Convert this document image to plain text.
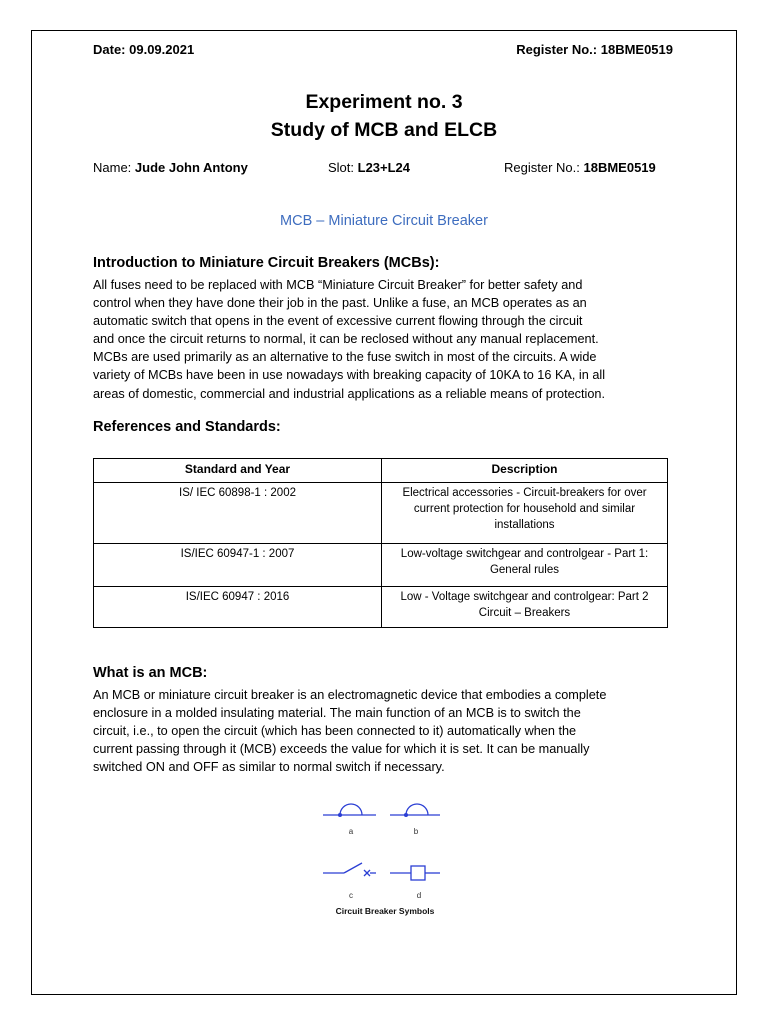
Date: 09.09.2021	Register No.: 18BME0519
Experiment no. 3
Study of MCB and ELCB
Name: Jude John Antony	Slot: L23+L24	Register No.: 18BME0519
MCB – Miniature Circuit Breaker
Introduction to Miniature Circuit Breakers (MCBs):
All fuses need to be replaced with MCB “Miniature Circuit Breaker” for better safety and
control when they have done their job in the past. Unlike a fuse, an MCB operates as an
automatic switch that opens in the event of excessive current flowing through the circuit
and once the circuit returns to normal, it can be reclosed without any manual replacement.
MCBs are used primarily as an alternative to the fuse switch in most of the circuits. A wide
variety of MCBs have been in use nowadays with breaking capacity of 10KA to 16 KA, in all
areas of domestic, commercial and industrial applications as a reliable means of protection.
References and Standards:
Standard and Year	Description
IS/ IEC 60898-1 : 2002	Electrical accessories - Circuit-breakers for over current protection for household and similar installations
IS/IEC 60947-1 : 2007	Low-voltage switchgear and controlgear - Part 1: General rules
IS/IEC 60947 : 2016	Low - Voltage switchgear and controlgear: Part 2 Circuit – Breakers
What is an MCB:
An MCB or miniature circuit breaker is an electromagnetic device that embodies a complete
enclosure in a molded insulating material. The main function of an MCB is to switch the
circuit, i.e., to open the circuit (which has been connected to it) automatically when the
current passing through it (MCB) exceeds the value for which it is set. It can be manually
switched ON and OFF as similar to normal switch if necessary.
a	b
c	d
Circuit Breaker Symbols
